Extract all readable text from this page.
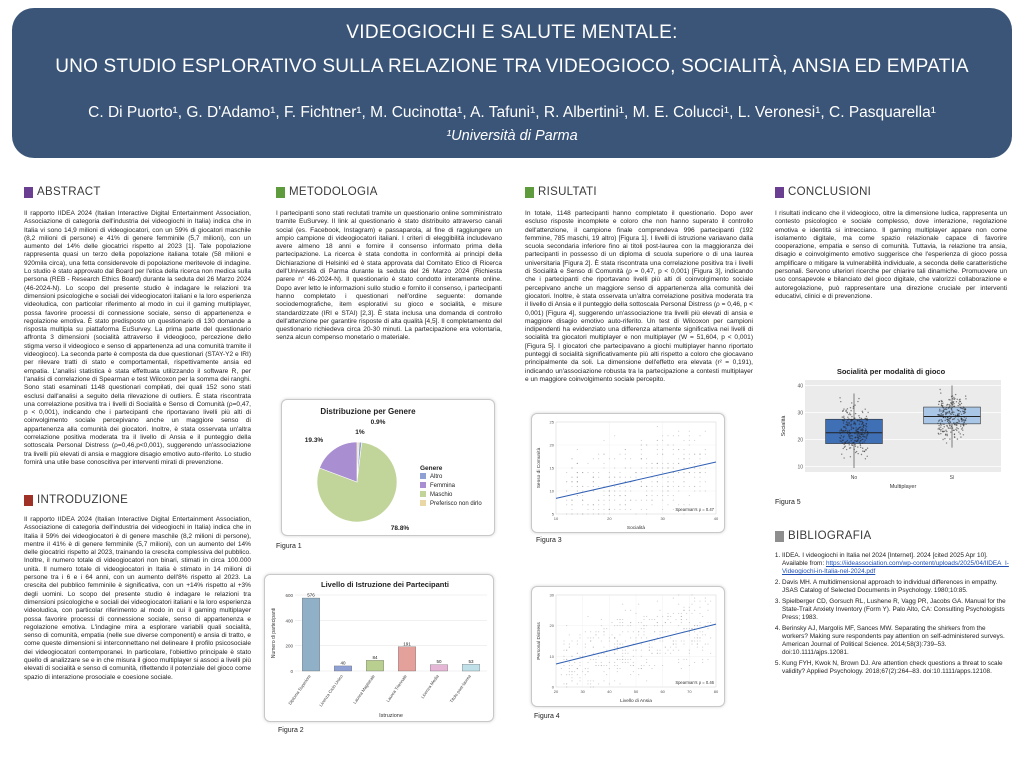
VIDEOGIOCHI E SALUTE MENTALE:
UNO STUDIO ESPLORATIVO SULLA RELAZIONE TRA VIDEOGIOCO, SOCIALITÀ, ANSIA ED EMPATIA
C. Di Puorto¹, G. D'Adamo¹, F. Fichtner¹, M. Cucinotta¹, A. Tafuni¹, R. Albertini¹, M. E. Colucci¹, L. Veronesi¹, C. Pasquarella¹
¹Università di Parma
ABSTRACT
Il rapporto IIDEA 2024 (Italian Interactive Digital Entertainment Association, Associazione di categoria dell'industria dei videogiochi in Italia) indica che in Italia vi sono 14,9 milioni di videogiocatori, con un 59% di giocatori maschile (8,2 milioni di persone) e 41% di genere femminile (5,7 milioni), con un aumento del 14% delle giocatrici rispetto al 2023 [1]. Tale popolazione rappresenta quasi un terzo della popolazione italiana totale (58 milioni e 920mila circa), una fetta considerevole di popolazione meritevole di indagine. Lo studio è stato approvato dal Board per l'etica della ricerca non medica sulla persona (REB - Research Ethics Board) durante la seduta del 26 Marzo 2024 (46-2024-N). Lo scopo del presente studio è indagare le relazioni tra dimensioni psicologiche e sociali dei videogiocatori italiani e la loro esperienza videoludica, con particolar riferimento al modo in cui il gaming multiplayer, possa favorire processi di connessione sociale, senso di appartenenza e regolazione emotiva. È stato predisposto un questionario di 130 domande a risposta multipla su piattaforma EuSurvey. La prima parte del questionario affronta 3 dimensioni (socialità attraverso il videogioco, percezione dello stigma verso il videogioco e senso di appartenenza ad una comunità tramite il videogioco). La seconda parte è composta da due questionari (STAY-Y2 e IRI) per rilevare tratti di stato e comportamentali, rispettivamente ansia ed empatia. L'analisi statistica è stata effettuata utilizzando il software R, per l'analisi di correlazione di Spearman e test Wilcoxon per la somma dei ranghi. Sono stati esaminati 1148 questionari compilati, dei quali 152 sono stati esclusi dall'analisi a seguito della rilevazione di outliers. È stata riscontrata una correlazione positiva tra i livelli di Socialità e Senso di Comunità (ρ=0,47, p < 0,001), indicando che i partecipanti che riportavano livelli più alti di coinvolgimento sociale percepivano anche un maggiore senso di appartenenza alla comunità dei giocatori. Inoltre, è stata osservata un'altra correlazione positiva moderata tra il livello di Ansia e il punteggio della sottoscala Personal Distress (ρ=0,46,p<0,001), suggerendo un'associazione tra livelli più elevati di ansia e maggiore disagio emotivo auto-riferito. Lo studio fornirà una utile base conoscitiva per interventi mirati di prevenzione.
INTRODUZIONE
Il rapporto IIDEA 2024 (Italian Interactive Digital Entertainment Association, Associazione di categoria dell'industria dei videogiochi in Italia) indica che in Italia il 59% dei videogiocatori è di genere maschile (8,2 milioni di persone), mentre il 41% è di genere femminile (5,7 milioni), con un aumento del 14% delle giocatrici rispetto al 2023, trainando la crescita complessiva del pubblico. Inoltre, il numero totale di videogiocatori non binari, stimati in circa 100.000 unità. Il numero totale di videogiocatori in Italia è stimato in 14 milioni di persone tra i 6 e i 64 anni, con un aumento dell'8% rispetto al 2023. La crescita del pubblico femminile è significativa, con un +14% rispetto al +3% degli uomini. Lo scopo del presente studio è indagare le relazioni tra dimensioni psicologiche e sociali dei videogiocatori italiani e la loro esperienza videoludica, con particolar riferimento al modo in cui il gaming multiplayer possa favorire processi di connessione sociale, senso di appartenenza e regolazione emotiva. L'indagine mira a esplorare variabili quali socialità, senso di comunità, empatia (nelle sue diverse componenti) e ansia di tratto, e come queste dimensioni si interconnettano nel delineare il profilo psicosociale dei videogiocatori contemporanei. In particolare, l'obiettivo principale è stato quello di analizzare se e in che misura il gioco multiplayer si associ a livelli più elevati di socialità e senso di comunità, riflettendo il potenziale del gioco come spazio di interazione prosociale e coesione sociale.
METODOLOGIA
I partecipanti sono stati reclutati tramite un questionario online somministrato tramite EuSurvey. Il link al questionario è stato distribuito attraverso canali social (es. Facebook, Instagram) e passaparola, al fine di raggiungere un ampio campione di videogiocatori italiani. I criteri di eleggibilità includevano avere almeno 18 anni e fornire il consenso informato prima della partecipazione. La ricerca è stata condotta in conformità ai principi della Dichiarazione di Helsinki ed è stata approvata dal Comitato Etico di Ricerca dell'Università di Parma durante la seduta del 26 Marzo 2024 (Richiesta parere n° 46-2024-N). Il questionario è stato condotto interamente online. Dopo aver letto le informazioni sullo studio e fornito il consenso, i partecipanti hanno completato i questionari nell'ordine seguente: domande sociodemografiche, item esplorativi su gioco e socialità, e misure standardizzate (IRI e STAI) [2,3]. È stata inclusa una domanda di controllo dell'attenzione per garantire risposte di alta qualità [4,5]. Il completamento del questionario richiedeva circa 20-30 minuti. La partecipazione era volontaria, senza alcun compenso monetario o materiale.
Distribuzione per Genere
0.9%
1%
78.8%
19.3%
Genere
Altro
Femmina
Maschio
Preferisco non dirlo
Figura 1
Livello di Istruzione dei Partecipanti
0
200
400
600
Numero di partecipanti
576
Diploma Superiore
40
Licenza Ciclo Unico
84
Laurea Magistrale
191
Laurea Triennale
50
Licenza Media
53
Titolo post-laurea
Istruzione
Figura 2
RISULTATI
In totale, 1148 partecipanti hanno completato il questionario. Dopo aver escluso risposte incomplete e coloro che non hanno superato il controllo dell'attenzione, il campione finale comprendeva 996 partecipanti (192 femmine, 785 maschi, 19 altro) [Figura 1]. I livelli di istruzione variavano dalla scuola secondaria inferiore fino ai titoli post-laurea con la maggioranza dei partecipanti in possesso di un diploma di scuola superiore o di una laurea universitaria [Figura 2]. È stata riscontrata una correlazione positiva tra i livelli di Socialità e Senso di Comunità (ρ = 0,47, p < 0,001) [Figura 3], indicando che i partecipanti che riportavano livelli più alti di coinvolgimento sociale percepivano anche un maggiore senso di appartenenza alla comunità dei giocatori. Inoltre, è stata osservata un'altra correlazione positiva moderata tra il livello di Ansia e il punteggio della sottoscala Personal Distress (ρ = 0,46, p < 0,001) [Figura 4], suggerendo un'associazione tra livelli più elevati di ansia e maggiore disagio emotivo auto-riferito. Un test di Wilcoxon per campioni indipendenti ha evidenziato una differenza altamente significativa nei livelli di socialità tra giocatori multiplayer e non multiplayer (W = 51,604, p < 0,001) [Figura 5]. I giocatori che partecipavano a giochi multiplayer hanno riportato punteggi di socialità significativamente più alti rispetto a coloro che giocavano principalmente da soli. La dimensione dell'effetto era elevata (r² = 0,191), indicando un'associazione robusta tra la partecipazione a contesti multiplayer e un maggiore coinvolgimento sociale percepito.
10	20	30	40
5
10
15
20
25
Spearman's ρ = 0.47
Socialità
Senso di Comunità
Figura 3
20	30	40	50	60	70	80
0
10
20
30
Spearman's ρ = 0.46
Livello di Ansia
Personal Distress
Figura 4
CONCLUSIONI
I risultati indicano che il videogioco, oltre la dimensione ludica, rappresenta un contesto psicologico e sociale complesso, dove interazione, regolazione emotiva e identità si intrecciano. Il gaming multiplayer appare non come isolamento digitale, ma come spazio relazionale capace di favorire cooperazione, empatia e senso di comunità. Tuttavia, la relazione tra ansia, disagio e coinvolgimento emotivo suggerisce che l'esperienza di gioco possa amplificare o mitigare la vulnerabilità individuale, a seconda delle caratteristiche personali. Servono ulteriori ricerche per chiarire tali dinamiche. Promuovere un uso consapevole e bilanciato del gioco digitale, che valorizzi collaborazione e autoregolazione, può rappresentare una direzione cruciale per interventi educativi, clinici e di prevenzione.
Socialità per modalità di gioco
10
20
30
40
No	Sì
Multiplayer
Socialità
Figura 5
BIBLIOGRAFIA
1. IIDEA. I videogiochi in Italia nel 2024 [Internet]. 2024 [cited 2025 Apr 10]. Available from: https://iideassociation.com/wp-content/uploads/2025/04/IIDEA_I-Videogiochi-in-Italia-nel-2024.pdf
2. Davis MH. A multidimensional approach to individual differences in empathy. JSAS Catalog of Selected Documents in Psychology. 1980;10:85.
3. Spielberger CD, Gorsuch RL, Lushene R, Vagg PR, Jacobs GA. Manual for the State-Trait Anxiety Inventory (Form Y). Palo Alto, CA: Consulting Psychologists Press; 1983.
4. Berinsky AJ, Margolis MF, Sances MW. Separating the shirkers from the workers? Making sure respondents pay attention on self-administered surveys. American Journal of Political Science. 2014;58(3):739–53. doi:10.1111/ajps.12081.
5. Kung FYH, Kwok N, Brown DJ. Are attention check questions a threat to scale validity? Applied Psychology. 2018;67(2):264–83. doi:10.1111/apps.12108.
